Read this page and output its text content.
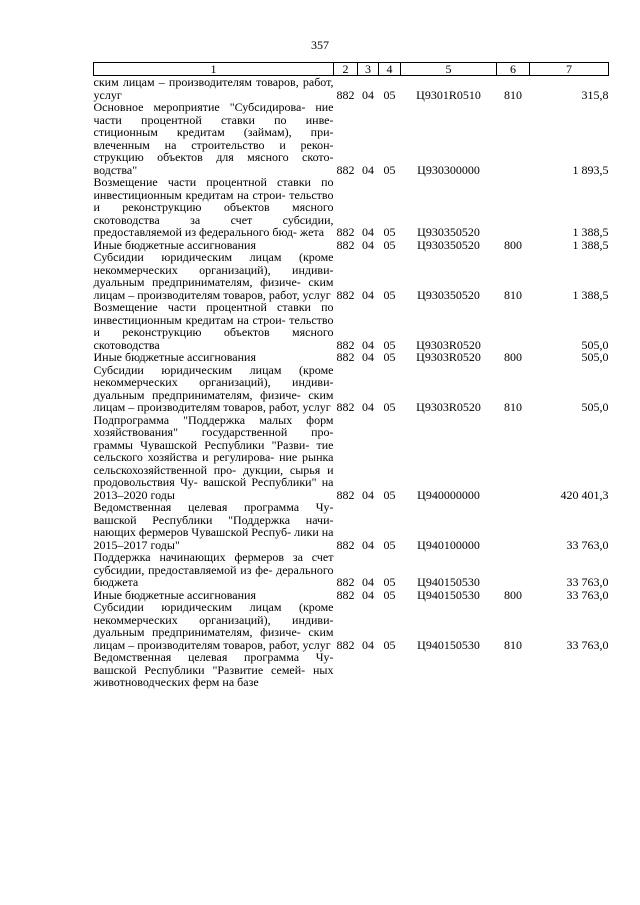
357
1	2	3	4	5	6	7
ским лицам – производителям товаров, работ, услуг	882	04	05	Ц9301R0510	810	315,8
Основное мероприятие "Субсидирова- ние части процентной ставки по инве- стиционным кредитам (займам), при- влеченным на строительство и рекон- струкцию объектов для мясного ското- водства"	882	04	05	Ц930300000		1 893,5
Возмещение части процентной ставки по инвестиционным кредитам на строи- тельство и реконструкцию объектов мясного скотоводства за счет субсидии, предоставляемой из федерального бюд- жета	882	04	05	Ц930350520		1 388,5
Иные бюджетные ассигнования	882	04	05	Ц930350520	800	1 388,5
Субсидии юридическим лицам (кроме некоммерческих организаций), индиви- дуальным предпринимателям, физиче- ским лицам – производителям товаров, работ, услуг	882	04	05	Ц930350520	810	1 388,5
Возмещение части процентной ставки по инвестиционным кредитам на строи- тельство и реконструкцию объектов мясного скотоводства	882	04	05	Ц9303R0520		505,0
Иные бюджетные ассигнования	882	04	05	Ц9303R0520	800	505,0
Субсидии юридическим лицам (кроме некоммерческих организаций), индиви- дуальным предпринимателям, физиче- ским лицам – производителям товаров, работ, услуг	882	04	05	Ц9303R0520	810	505,0
Подпрограмма "Поддержка малых форм хозяйствования" государственной про- граммы Чувашской Республики "Разви- тие сельского хозяйства и регулирова- ние рынка сельскохозяйственной про- дукции, сырья и продовольствия Чу- вашской Республики" на 2013–2020 годы	882	04	05	Ц940000000		420 401,3
Ведомственная целевая программа Чу- вашской Республики "Поддержка начи- нающих фермеров Чувашской Респуб- лики на 2015–2017 годы"	882	04	05	Ц940100000		33 763,0
Поддержка начинающих фермеров за счет субсидии, предоставляемой из фе- дерального бюджета	882	04	05	Ц940150530		33 763,0
Иные бюджетные ассигнования	882	04	05	Ц940150530	800	33 763,0
Субсидии юридическим лицам (кроме некоммерческих организаций), индиви- дуальным предпринимателям, физиче- ским лицам – производителям товаров, работ, услуг	882	04	05	Ц940150530	810	33 763,0
Ведомственная целевая программа Чу- вашской Республики "Развитие семей- ных животноводческих ферм на базе						
